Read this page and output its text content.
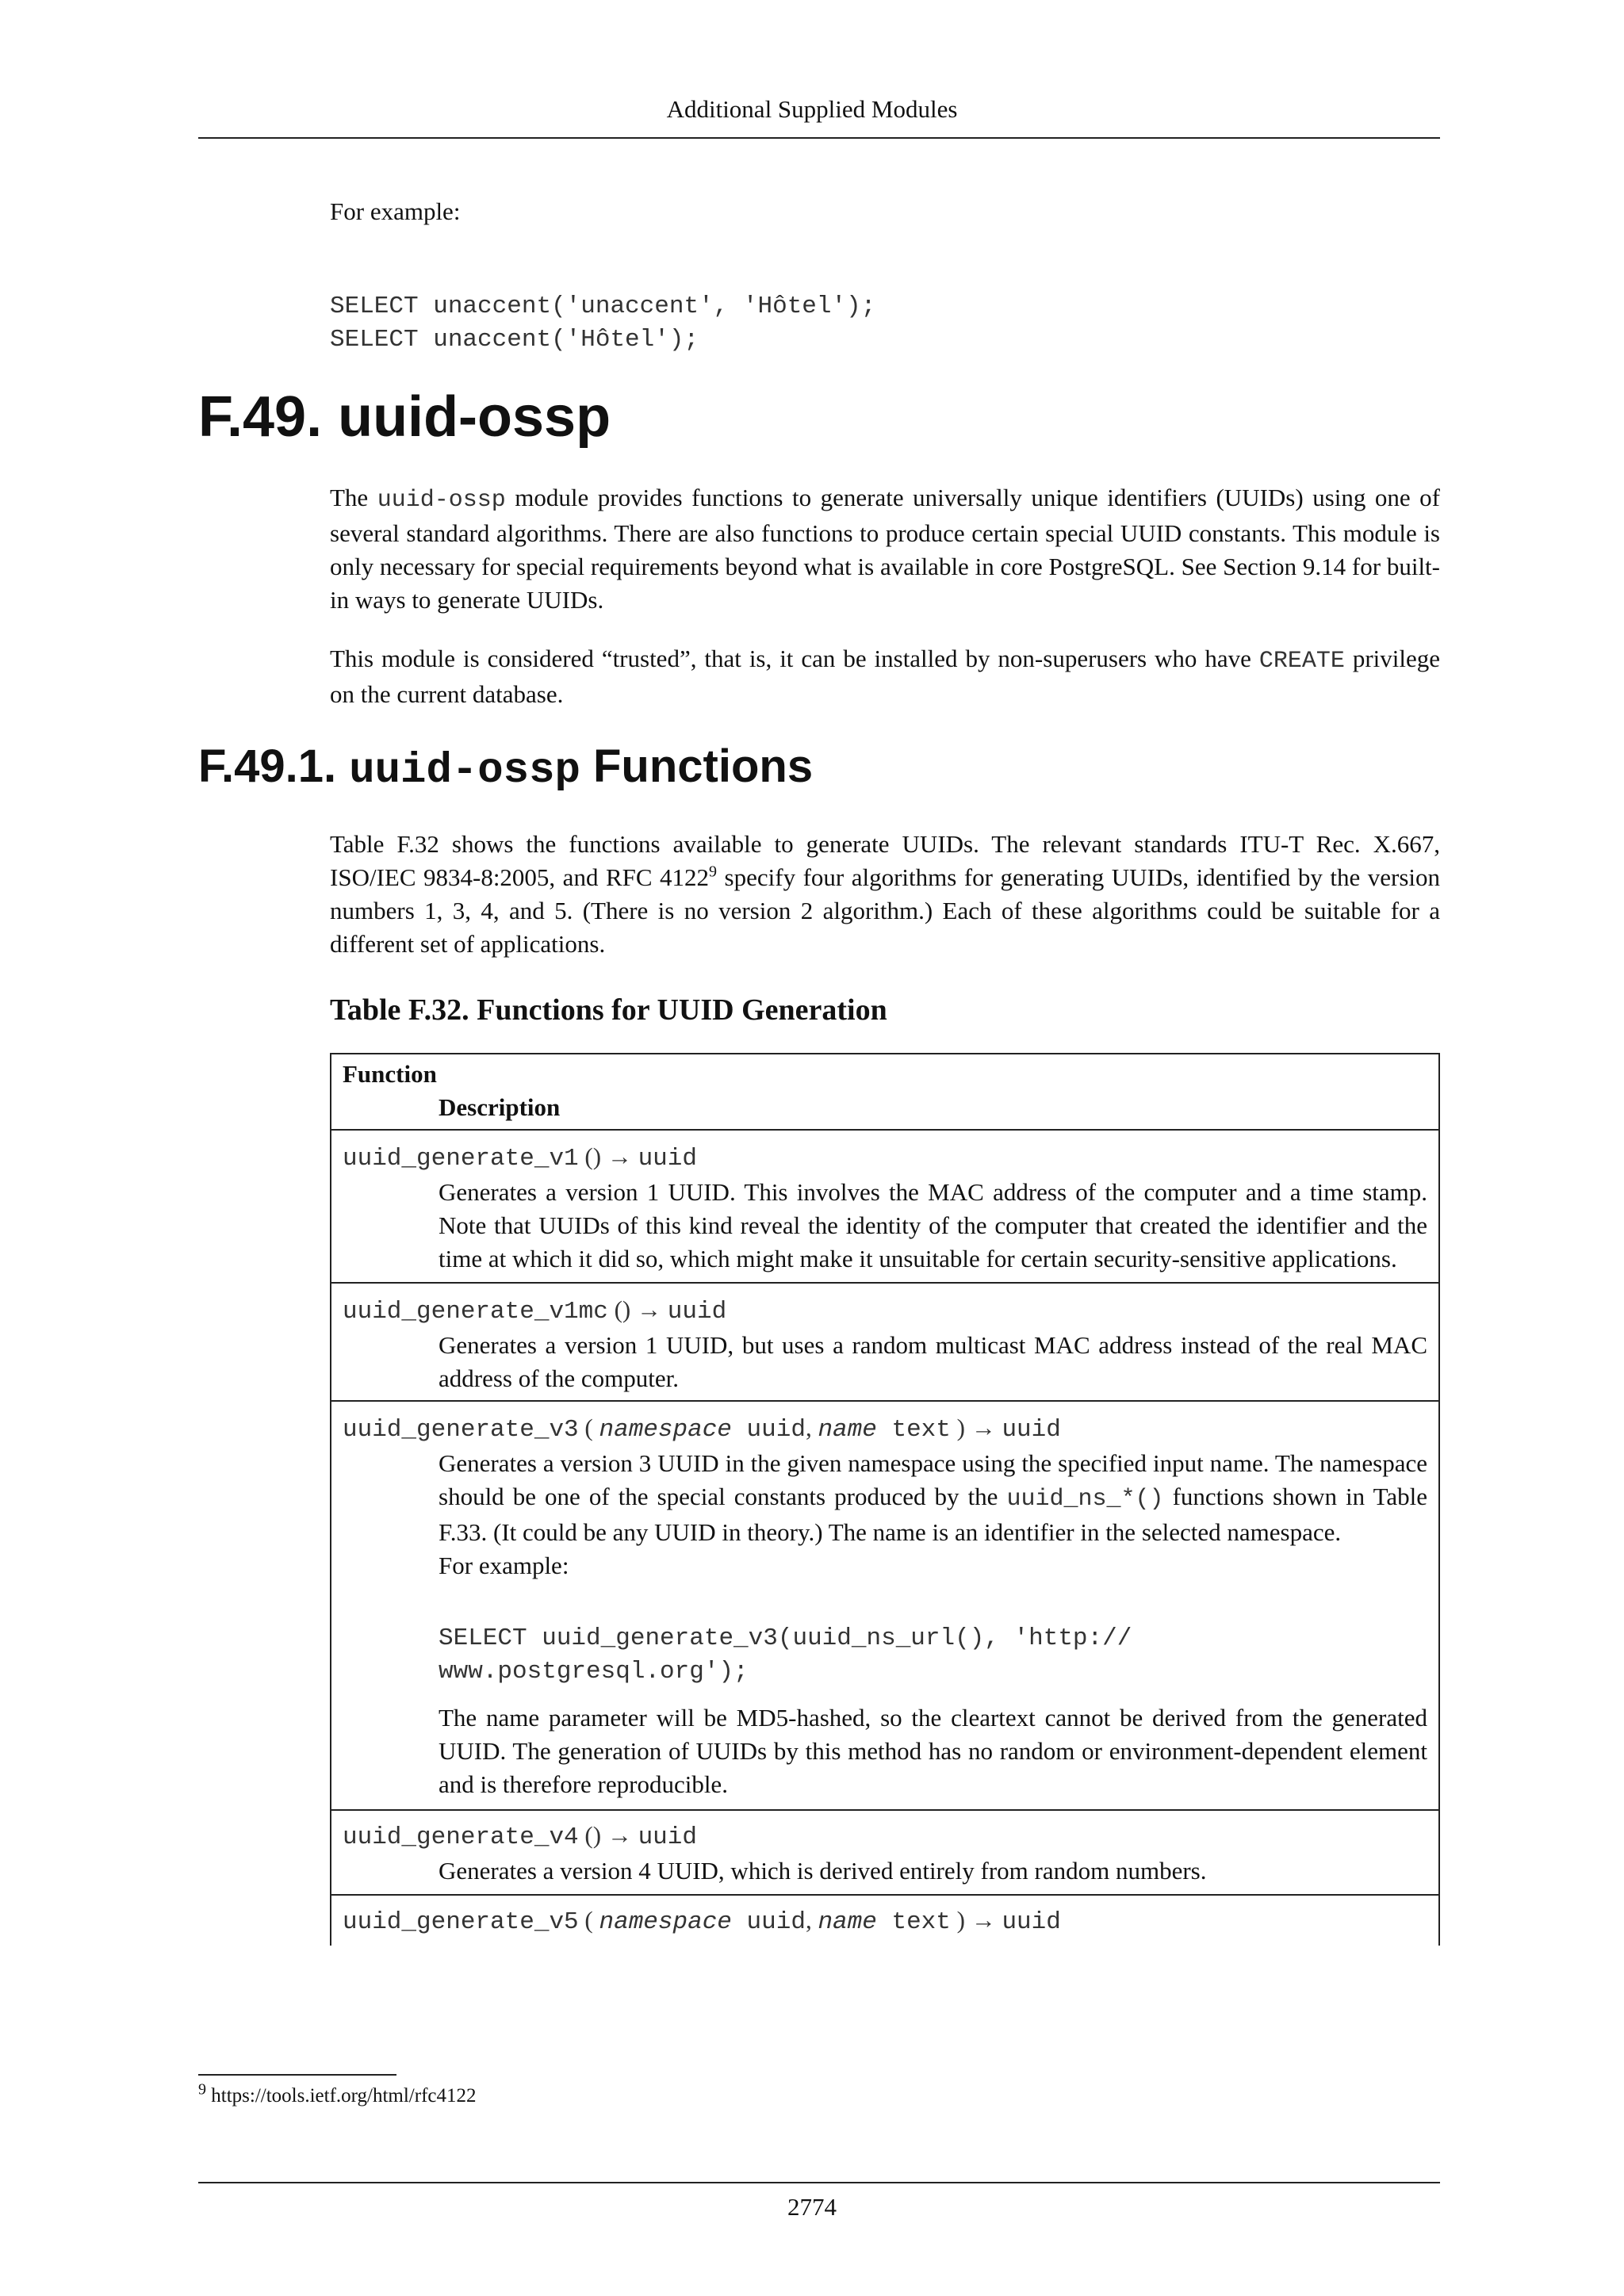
Additional Supplied Modules
For example:
SELECT unaccent('unaccent', 'Hôtel');
SELECT unaccent('Hôtel');
F.49. uuid-ossp
The uuid-ossp module provides functions to generate universally unique identifiers (UUIDs) using one of several standard algorithms. There are also functions to produce certain special UUID constants. This module is only necessary for special requirements beyond what is available in core PostgreSQL. See Section 9.14 for built-in ways to generate UUIDs.
This module is considered “trusted”, that is, it can be installed by non-superusers who have CREATE privilege on the current database.
F.49.1. uuid-ossp Functions
Table F.32 shows the functions available to generate UUIDs. The relevant standards ITU-T Rec. X.667, ISO/IEC 9834-8:2005, and RFC 4122$^9$ specify four algorithms for generating UUIDs, identified by the version numbers 1, 3, 4, and 5. (There is no version 2 algorithm.) Each of these algorithms could be suitable for a different set of applications.
Table F.32. Functions for UUID Generation
Function
Description

uuid_generate_v1 () → uuid
Generates a version 1 UUID. This involves the MAC address of the computer and a time stamp. Note that UUIDs of this kind reveal the identity of the computer that created the identifier and the time at which it did so, which might make it unsuitable for certain security-sensitive applications.

uuid_generate_v1mc () → uuid
Generates a version 1 UUID, but uses a random multicast MAC address instead of the real MAC address of the computer.

uuid_generate_v3 ( namespace uuid, name text ) → uuid
Generates a version 3 UUID in the given namespace using the specified input name. The namespace should be one of the special constants produced by the uuid_ns_*() functions shown in Table F.33. (It could be any UUID in theory.) The name is an identifier in the selected namespace.
For example:
SELECT uuid_generate_v3(uuid_ns_url(), 'http://
www.postgresql.org');
The name parameter will be MD5-hashed, so the cleartext cannot be derived from the generated UUID. The generation of UUIDs by this method has no random or environment-dependent element and is therefore reproducible.

uuid_generate_v4 () → uuid
Generates a version 4 UUID, which is derived entirely from random numbers.

uuid_generate_v5 ( namespace uuid, name text ) → uuid
$^9$ https://tools.ietf.org/html/rfc4122
2774
